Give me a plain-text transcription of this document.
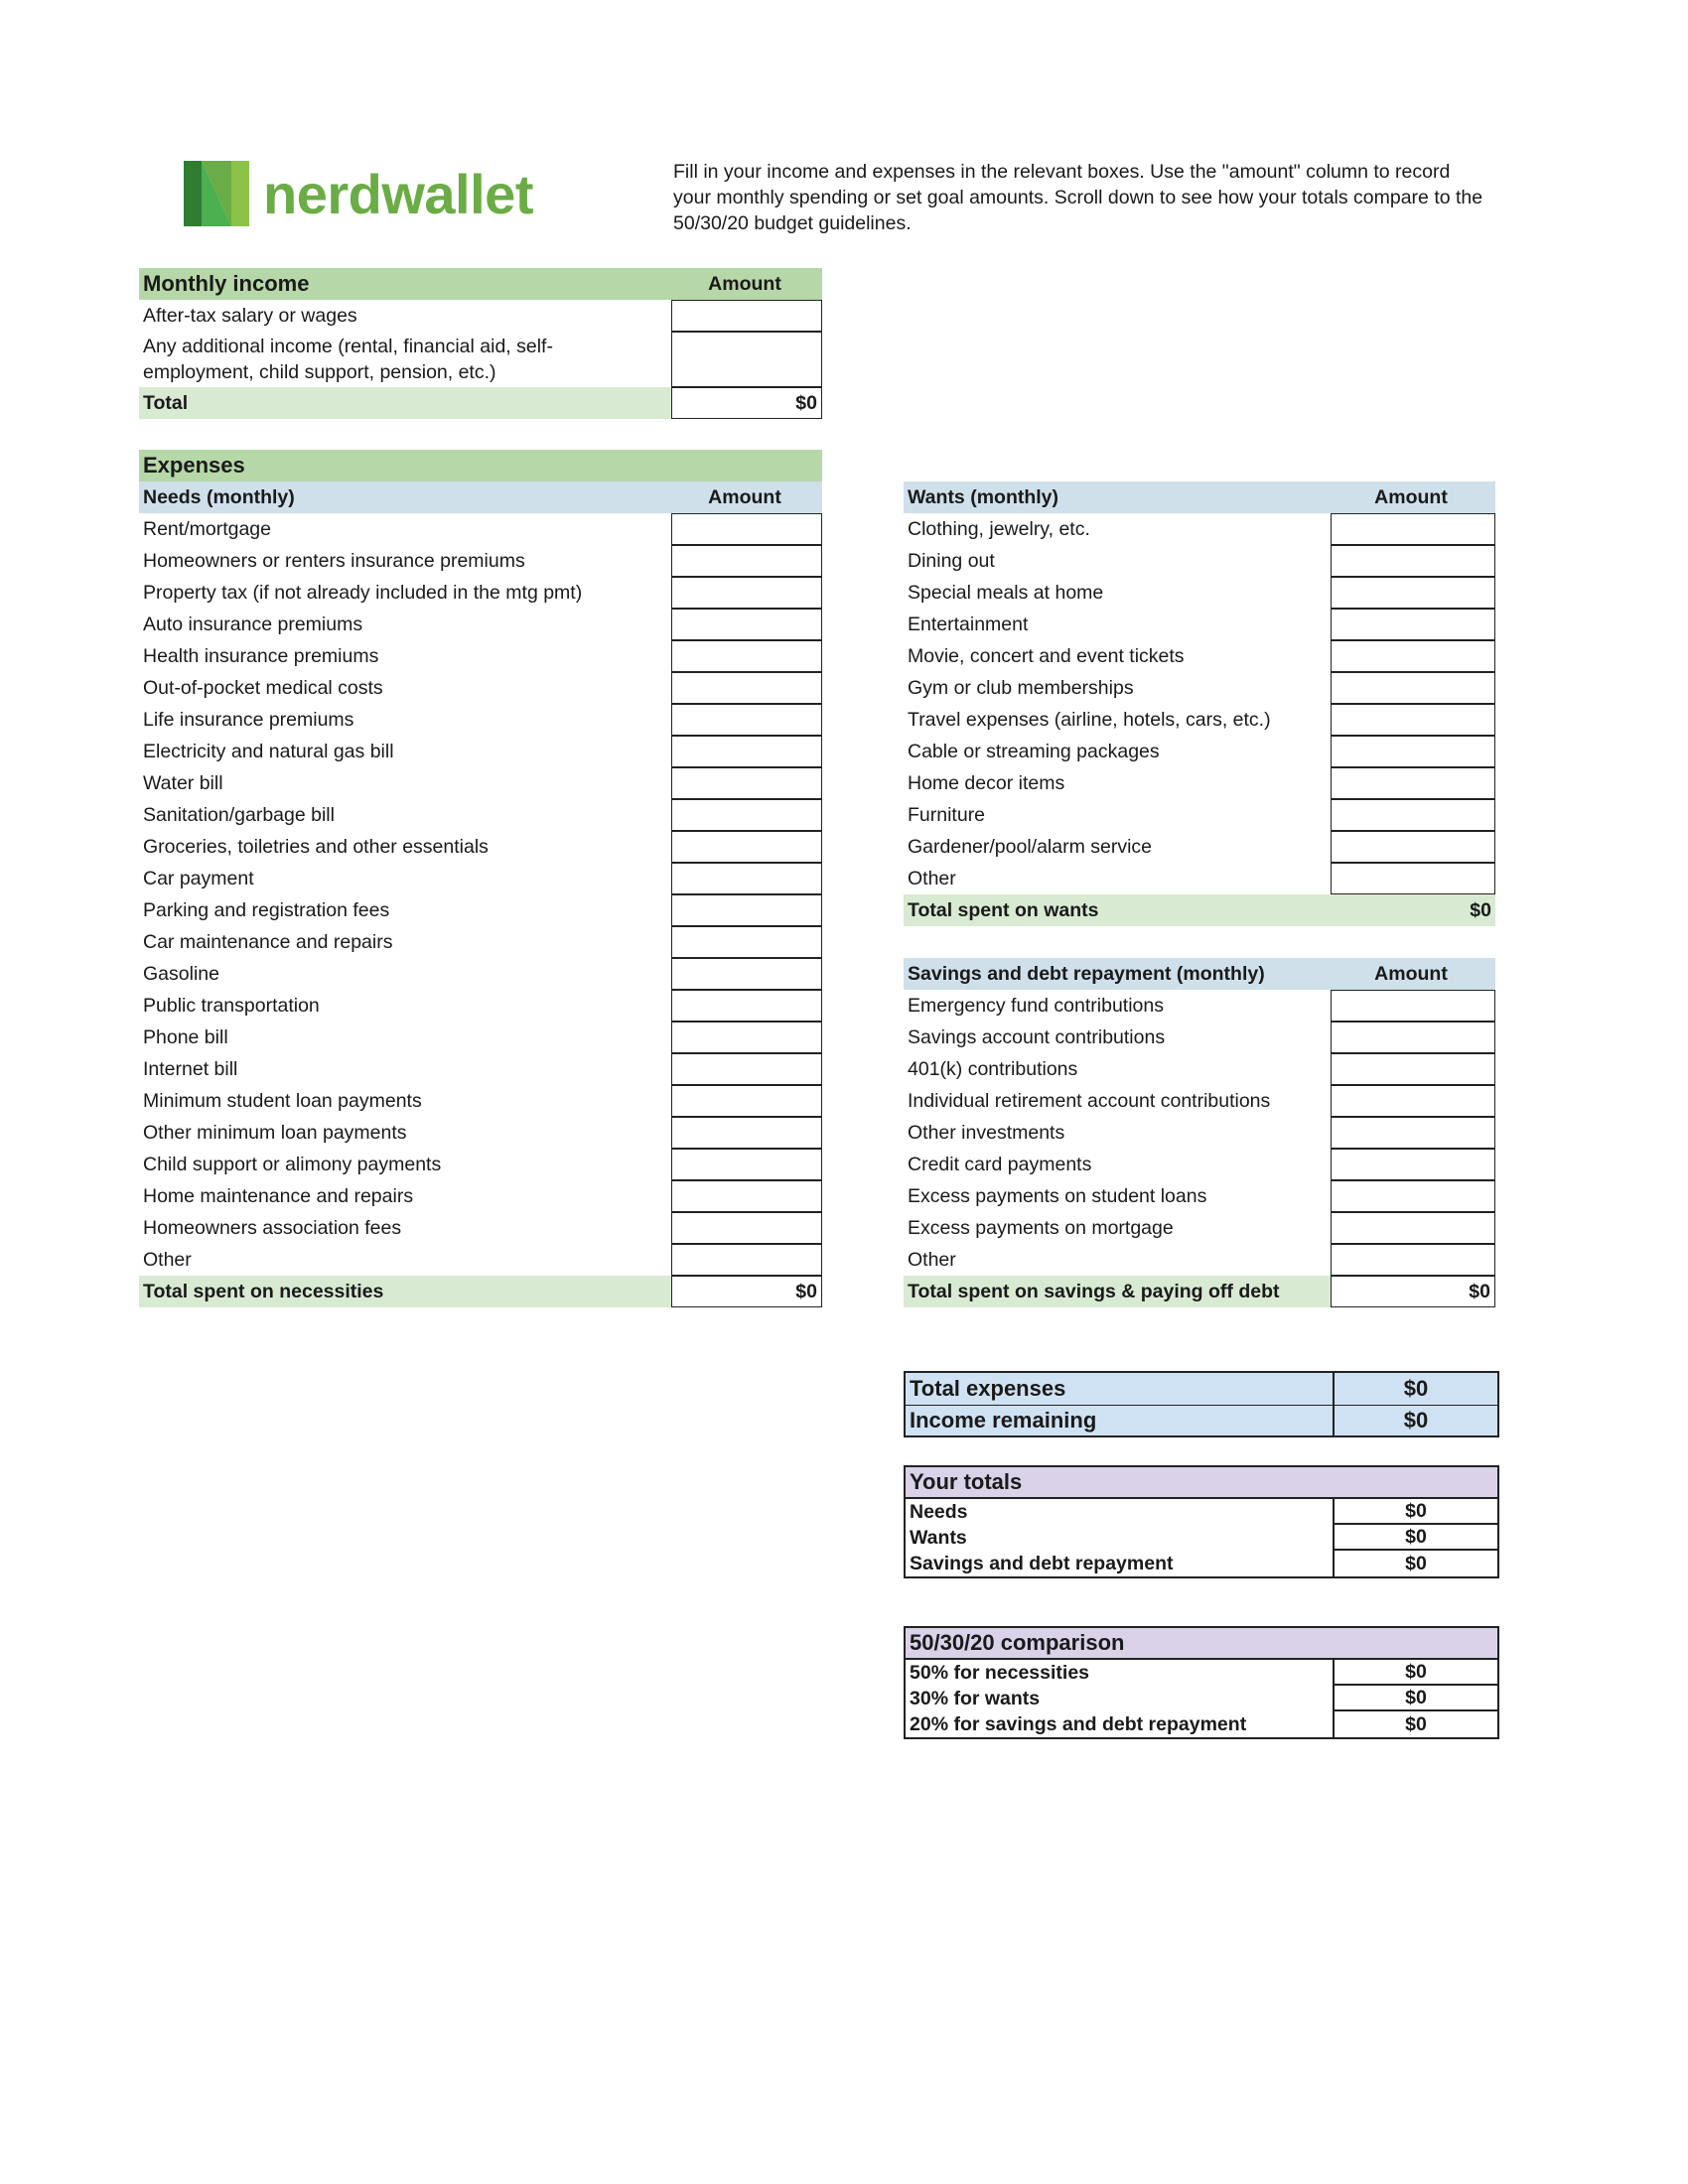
nerdwallet	Fill in your income and expenses in the relevant boxes. Use the "amount" column to record your monthly spending or set goal amounts. Scroll down to see how your totals compare to the 50/30/20 budget guidelines.
Monthly income	Amount
After-tax salary or wages
Any additional income (rental, financial aid, self-employment, child support, pension, etc.)
Total	$0
Expenses
Needs (monthly)	Amount
Rent/mortgage
Homeowners or renters insurance premiums
Property tax (if not already included in the mtg pmt)
Auto insurance premiums
Health insurance premiums
Out-of-pocket medical costs
Life insurance premiums
Electricity and natural gas bill
Water bill
Sanitation/garbage bill
Groceries, toiletries and other essentials
Car payment
Parking and registration fees
Car maintenance and repairs
Gasoline
Public transportation
Phone bill
Internet bill
Minimum student loan payments
Other minimum loan payments
Child support or alimony payments
Home maintenance and repairs
Homeowners association fees
Other
Total spent on necessities	$0
Wants (monthly)	Amount
Clothing, jewelry, etc.
Dining out
Special meals at home
Entertainment
Movie, concert and event tickets
Gym or club memberships
Travel expenses (airline, hotels, cars, etc.)
Cable or streaming packages
Home decor items
Furniture
Gardener/pool/alarm service
Other
Total spent on wants	$0
Savings and debt repayment (monthly)	Amount
Emergency fund contributions
Savings account contributions
401(k) contributions
Individual retirement account contributions
Other investments
Credit card payments
Excess payments on student loans
Excess payments on mortgage
Other
Total spent on savings & paying off debt	$0
Total expenses	$0
Income remaining	$0
Your totals
Needs	$0
Wants	$0
Savings and debt repayment	$0
50/30/20 comparison
50% for necessities	$0
30% for wants	$0
20% for savings and debt repayment	$0
